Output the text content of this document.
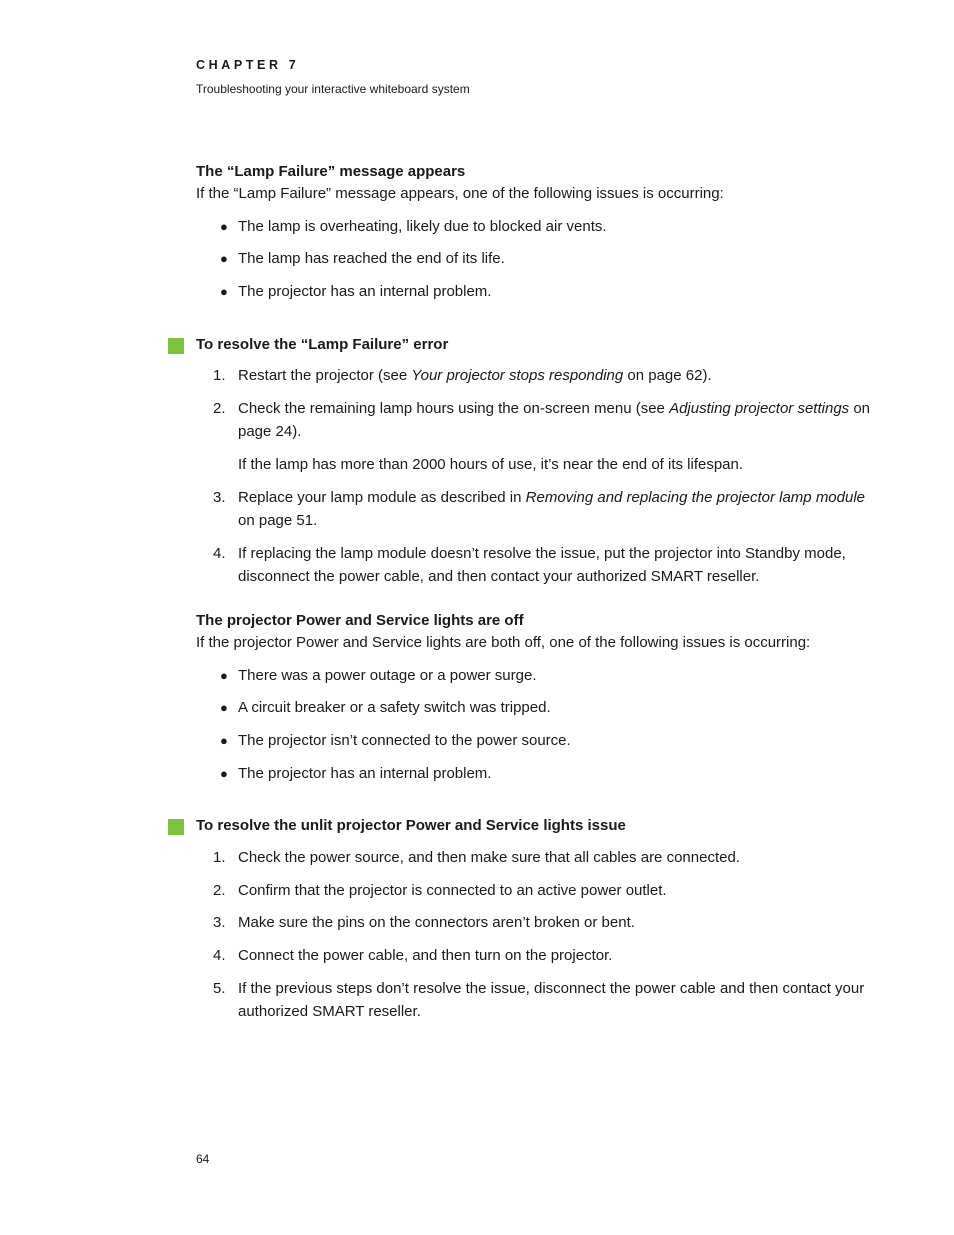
CHAPTER 7
Troubleshooting your interactive whiteboard system
The “Lamp Failure” message appears
If the “Lamp Failure” message appears, one of the following issues is occurring:
● The lamp is overheating, likely due to blocked air vents.
● The lamp has reached the end of its life.
● The projector has an internal problem.
To resolve the “Lamp Failure” error
1. Restart the projector (see Your projector stops responding on page 62).
2. Check the remaining lamp hours using the on-screen menu (see Adjusting projector settings on page 24).
If the lamp has more than 2000 hours of use, it’s near the end of its lifespan.
3. Replace your lamp module as described in Removing and replacing the projector lamp module on page 51.
4. If replacing the lamp module doesn’t resolve the issue, put the projector into Standby mode, disconnect the power cable, and then contact your authorized SMART reseller.
The projector Power and Service lights are off
If the projector Power and Service lights are both off, one of the following issues is occurring:
● There was a power outage or a power surge.
● A circuit breaker or a safety switch was tripped.
● The projector isn’t connected to the power source.
● The projector has an internal problem.
To resolve the unlit projector Power and Service lights issue
1. Check the power source, and then make sure that all cables are connected.
2. Confirm that the projector is connected to an active power outlet.
3. Make sure the pins on the connectors aren’t broken or bent.
4. Connect the power cable, and then turn on the projector.
5. If the previous steps don’t resolve the issue, disconnect the power cable and then contact your authorized SMART reseller.
64
